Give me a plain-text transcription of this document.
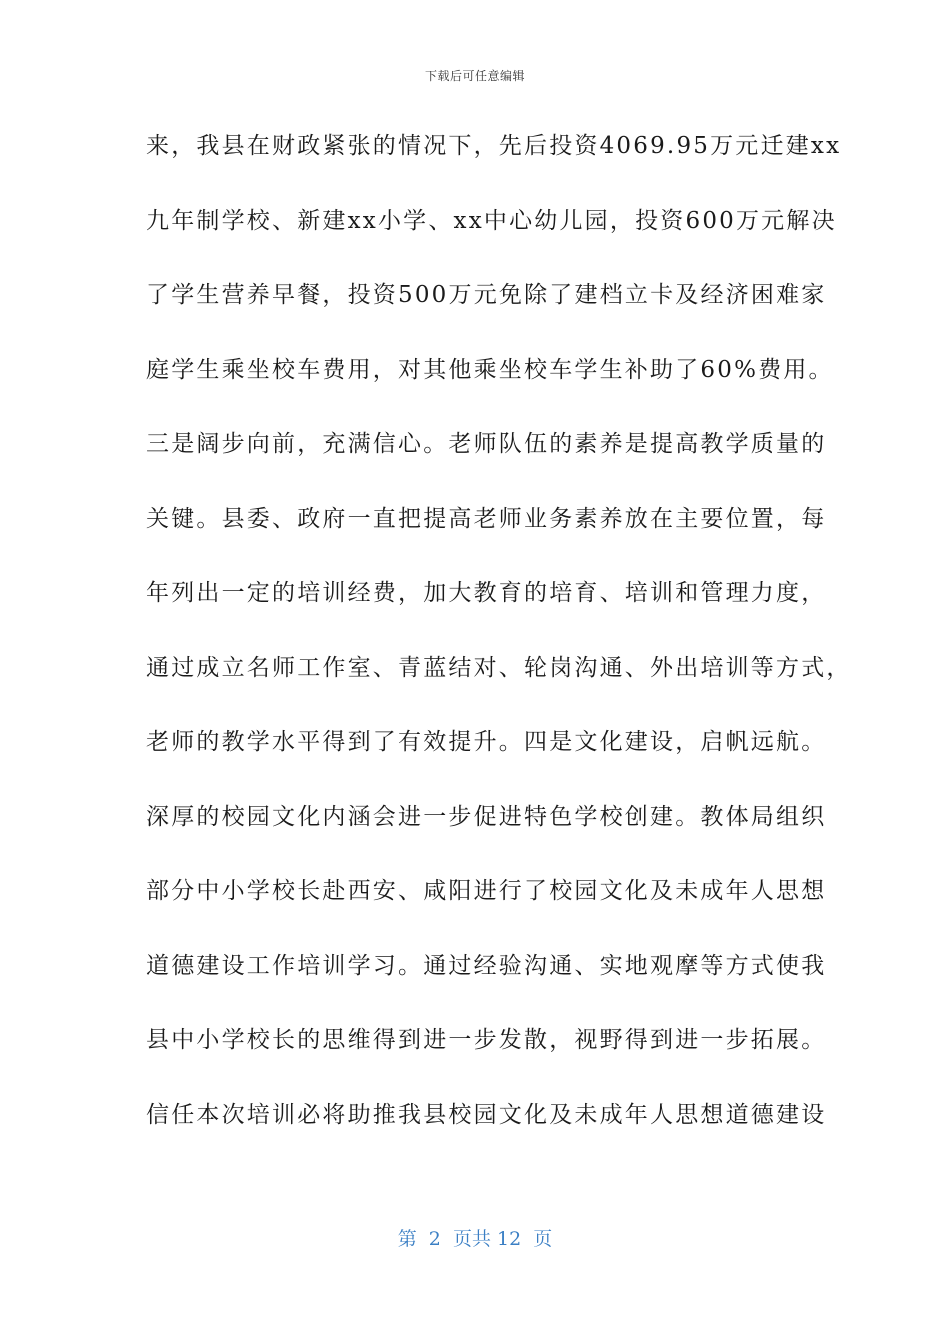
下载后可任意编辑
来，我县在财政紧张的情况下，先后投资4069.95万元迁建xx
九年制学校、新建xx小学、xx中心幼儿园，投资600万元解决
了学生营养早餐，投资500万元免除了建档立卡及经济困难家
庭学生乘坐校车费用，对其他乘坐校车学生补助了60%费用。
三是阔步向前，充满信心。老师队伍的素养是提高教学质量的
关键。县委、政府一直把提高老师业务素养放在主要位置，每
年列出一定的培训经费，加大教育的培育、培训和管理力度，
通过成立名师工作室、青蓝结对、轮岗沟通、外出培训等方式，
老师的教学水平得到了有效提升。四是文化建设，启帆远航。
深厚的校园文化内涵会进一步促进特色学校创建。教体局组织
部分中小学校长赴西安、咸阳进行了校园文化及未成年人思想
道德建设工作培训学习。通过经验沟通、实地观摩等方式使我
县中小学校长的思维得到进一步发散，视野得到进一步拓展。
信任本次培训必将助推我县校园文化及未成年人思想道德建设
第  2  页共 12  页
